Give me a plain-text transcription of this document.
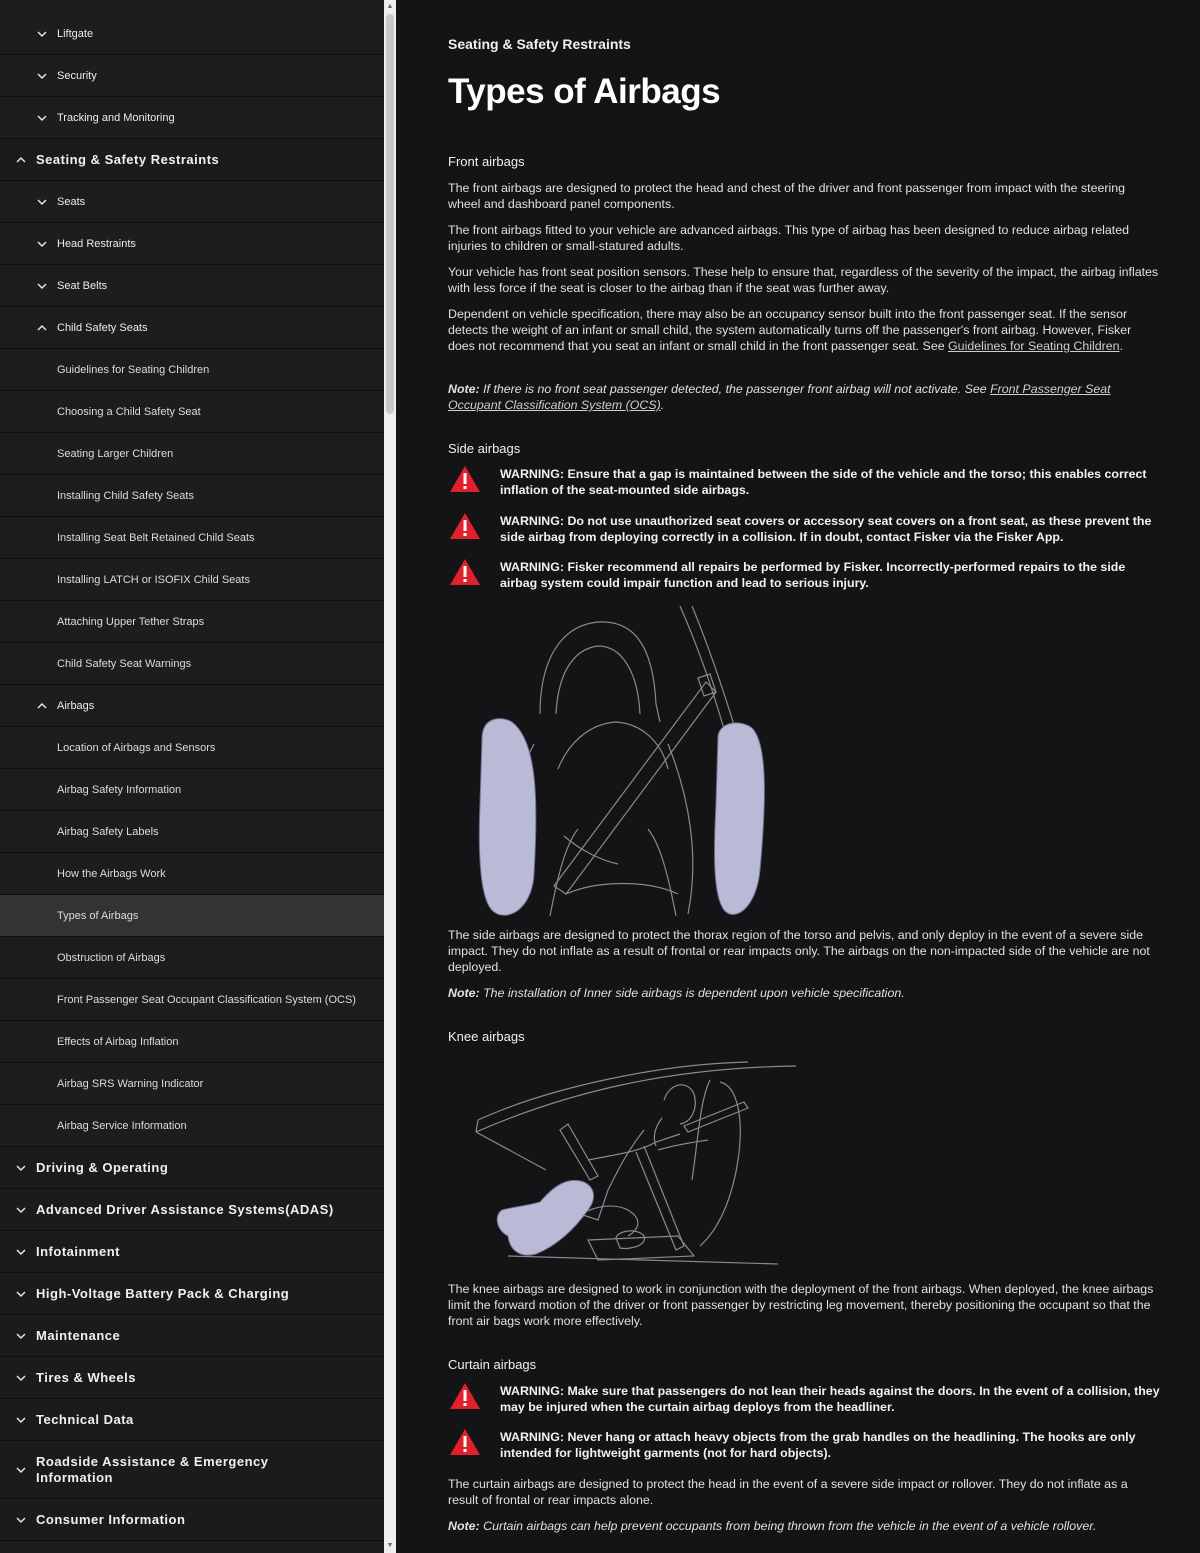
Liftgate
Security
Tracking and Monitoring
Seating & Safety Restraints
Seats
Head Restraints
Seat Belts
Child Safety Seats
Guidelines for Seating Children
Choosing a Child Safety Seat
Seating Larger Children
Installing Child Safety Seats
Installing Seat Belt Retained Child Seats
Installing LATCH or ISOFIX Child Seats
Attaching Upper Tether Straps
Child Safety Seat Warnings
Airbags
Location of Airbags and Sensors
Airbag Safety Information
Airbag Safety Labels
How the Airbags Work
Types of Airbags
Obstruction of Airbags
Front Passenger Seat Occupant Classification System (OCS)
Effects of Airbag Inflation
Airbag SRS Warning Indicator
Airbag Service Information
Driving & Operating
Advanced Driver Assistance Systems(ADAS)
Infotainment
High-Voltage Battery Pack & Charging
Maintenance
Tires & Wheels
Technical Data
Roadside Assistance & Emergency Information
Consumer Information
▲
▼
Seating & Safety Restraints
Types of Airbags
Front airbags

The front airbags are designed to protect the head and chest of the driver and front passenger from impact with the steering wheel and dashboard panel components.

The front airbags fitted to your vehicle are advanced airbags. This type of airbag has been designed to reduce airbag related injuries to children or small-statured adults.

Your vehicle has front seat position sensors. These help to ensure that, regardless of the severity of the impact, the airbag inflates with less force if the seat is closer to the airbag than if the seat was further away.

Dependent on vehicle specification, there may also be an occupancy sensor built into the front passenger seat. If the sensor detects the weight of an infant or small child, the system automatically turns off the passenger's front airbag. However, Fisker does not recommend that you seat an infant or small child in the front passenger seat. See Guidelines for Seating Children.

Note: If there is no front seat passenger detected, the passenger front airbag will not activate. See Front Passenger Seat Occupant Classification System (OCS).

Side airbags
WARNING: Ensure that a gap is maintained between the side of the vehicle and the torso; this enables correct inflation of the seat-mounted side airbags.
WARNING: Do not use unauthorized seat covers or accessory seat covers on a front seat, as these prevent the side airbag from deploying correctly in a collision. If in doubt, contact Fisker via the Fisker App.
WARNING: Fisker recommend all repairs be performed by Fisker. Incorrectly-performed repairs to the side airbag system could impair function and lead to serious injury.

The side airbags are designed to protect the thorax region of the torso and pelvis, and only deploy in the event of a severe side impact. They do not inflate as a result of frontal or rear impacts only. The airbags on the non-impacted side of the vehicle are not deployed.

Note: The installation of Inner side airbags is dependent upon vehicle specification.

Knee airbags

The knee airbags are designed to work in conjunction with the deployment of the front airbags. When deployed, the knee airbags limit the forward motion of the driver or front passenger by restricting leg movement, thereby positioning the occupant so that the front air bags work more effectively.

Curtain airbags
WARNING: Make sure that passengers do not lean their heads against the doors. In the event of a collision, they may be injured when the curtain airbag deploys from the headliner.
WARNING: Never hang or attach heavy objects from the grab handles on the headlining. The hooks are only intended for lightweight garments (not for hard objects).

The curtain airbags are designed to protect the head in the event of a severe side impact or rollover. They do not inflate as a result of frontal or rear impacts alone.

Note: Curtain airbags can help prevent occupants from being thrown from the vehicle in the event of a vehicle rollover.
